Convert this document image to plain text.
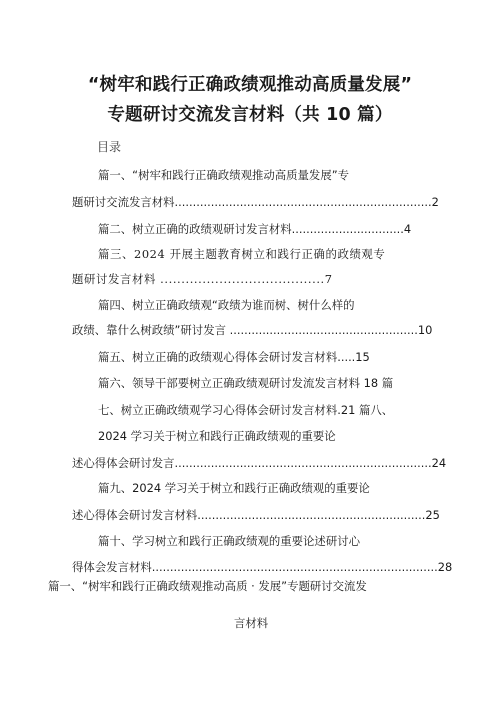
“树牢和践行正确政绩观推动高质量发展”
专题研讨交流发言材料（共 10 篇）
目录
篇一、“树牢和践行正确政绩观推动高质量发展”专
题研讨交流发言材料.......................................................................2
篇二、树立正确的政绩观研讨发言材料...............................4
篇三、2024 开展主题教育树立和践行正确的政绩观专
题研讨发言材料 .......................................7
篇四、树立正确政绩观“政绩为谁而树、树什么样的
政绩、靠什么树政绩”研讨发言 ....................................................10
篇五、树立正确的政绩观心得体会研讨发言材料.....15
篇六、领导干部要树立正确政绩观研讨发流发言材料 18 篇
七、树立正确政绩观学习心得体会研讨发言材料.21 篇八、
2024 学习关于树立和践行正确政绩观的重要论
述心得体会研讨发言.......................................................................24
篇九、2024 学习关于树立和践行正确政绩观的重要论
述心得体会研讨发言材料...............................................................25
篇十、学习树立和践行正确政绩观的重要论述研讨心
得体会发言材料...............................................................................28
篇一、“树牢和践行正确政绩观推动高质 · 发展”专题研讨交流发
言材料
